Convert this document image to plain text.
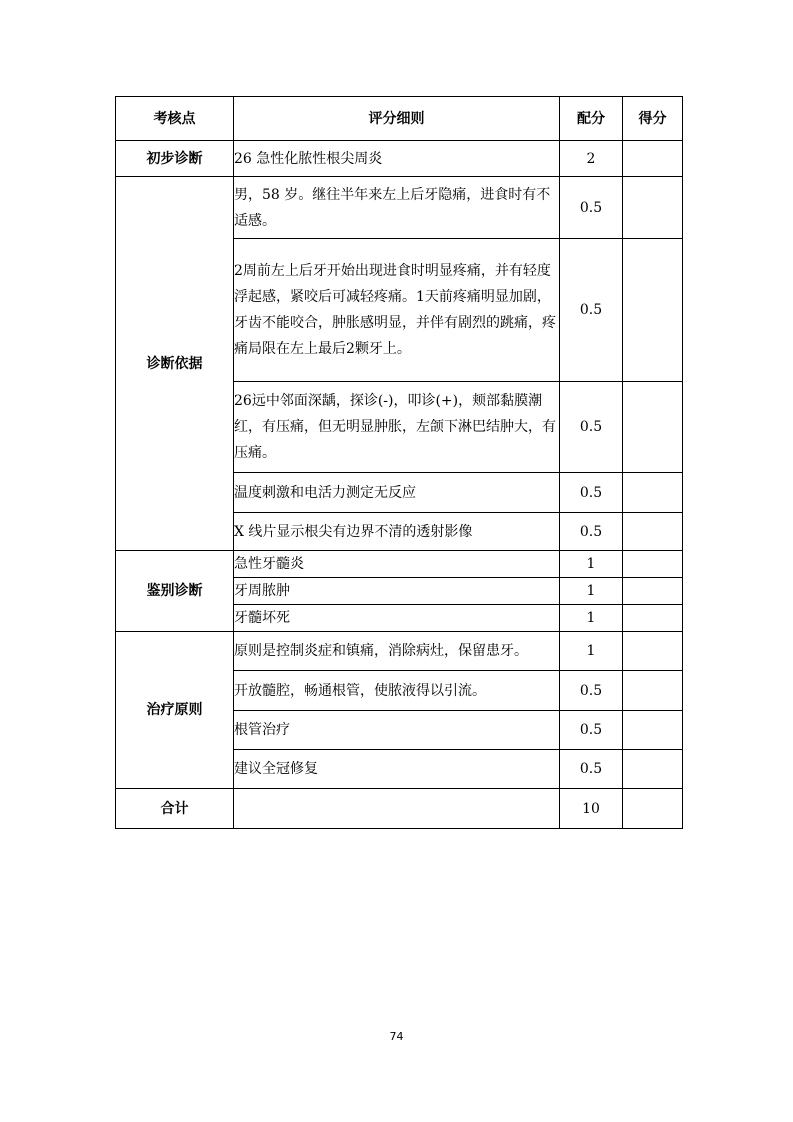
考核点	评分细则	配分	得分
初步诊断	26 急性化脓性根尖周炎	2	
诊断依据	男，58 岁。继往半年来左上后牙隐痛，进食时有不适感。	0.5	
	2周前左上后牙开始出现进食时明显疼痛，并有轻度浮起感，紧咬后可减轻疼痛。1天前疼痛明显加剧，牙齿不能咬合，肿胀感明显，并伴有剧烈的跳痛，疼痛局限在左上最后2颗牙上。	0.5	
	26远中邻面深龋，探诊(-)，叩诊(+)，颊部黏膜潮红，有压痛，但无明显肿胀，左颌下淋巴结肿大，有压痛。	0.5	
	温度刺激和电活力测定无反应	0.5	
	X 线片显示根尖有边界不清的透射影像	0.5	
鉴别诊断	急性牙髓炎	1	
	牙周脓肿	1	
	牙髓坏死	1	
治疗原则	原则是控制炎症和镇痛，消除病灶，保留患牙。	1	
	开放髓腔，畅通根管，使脓液得以引流。	0.5	
	根管治疗	0.5	
	建议全冠修复	0.5	
合计		10	
74
